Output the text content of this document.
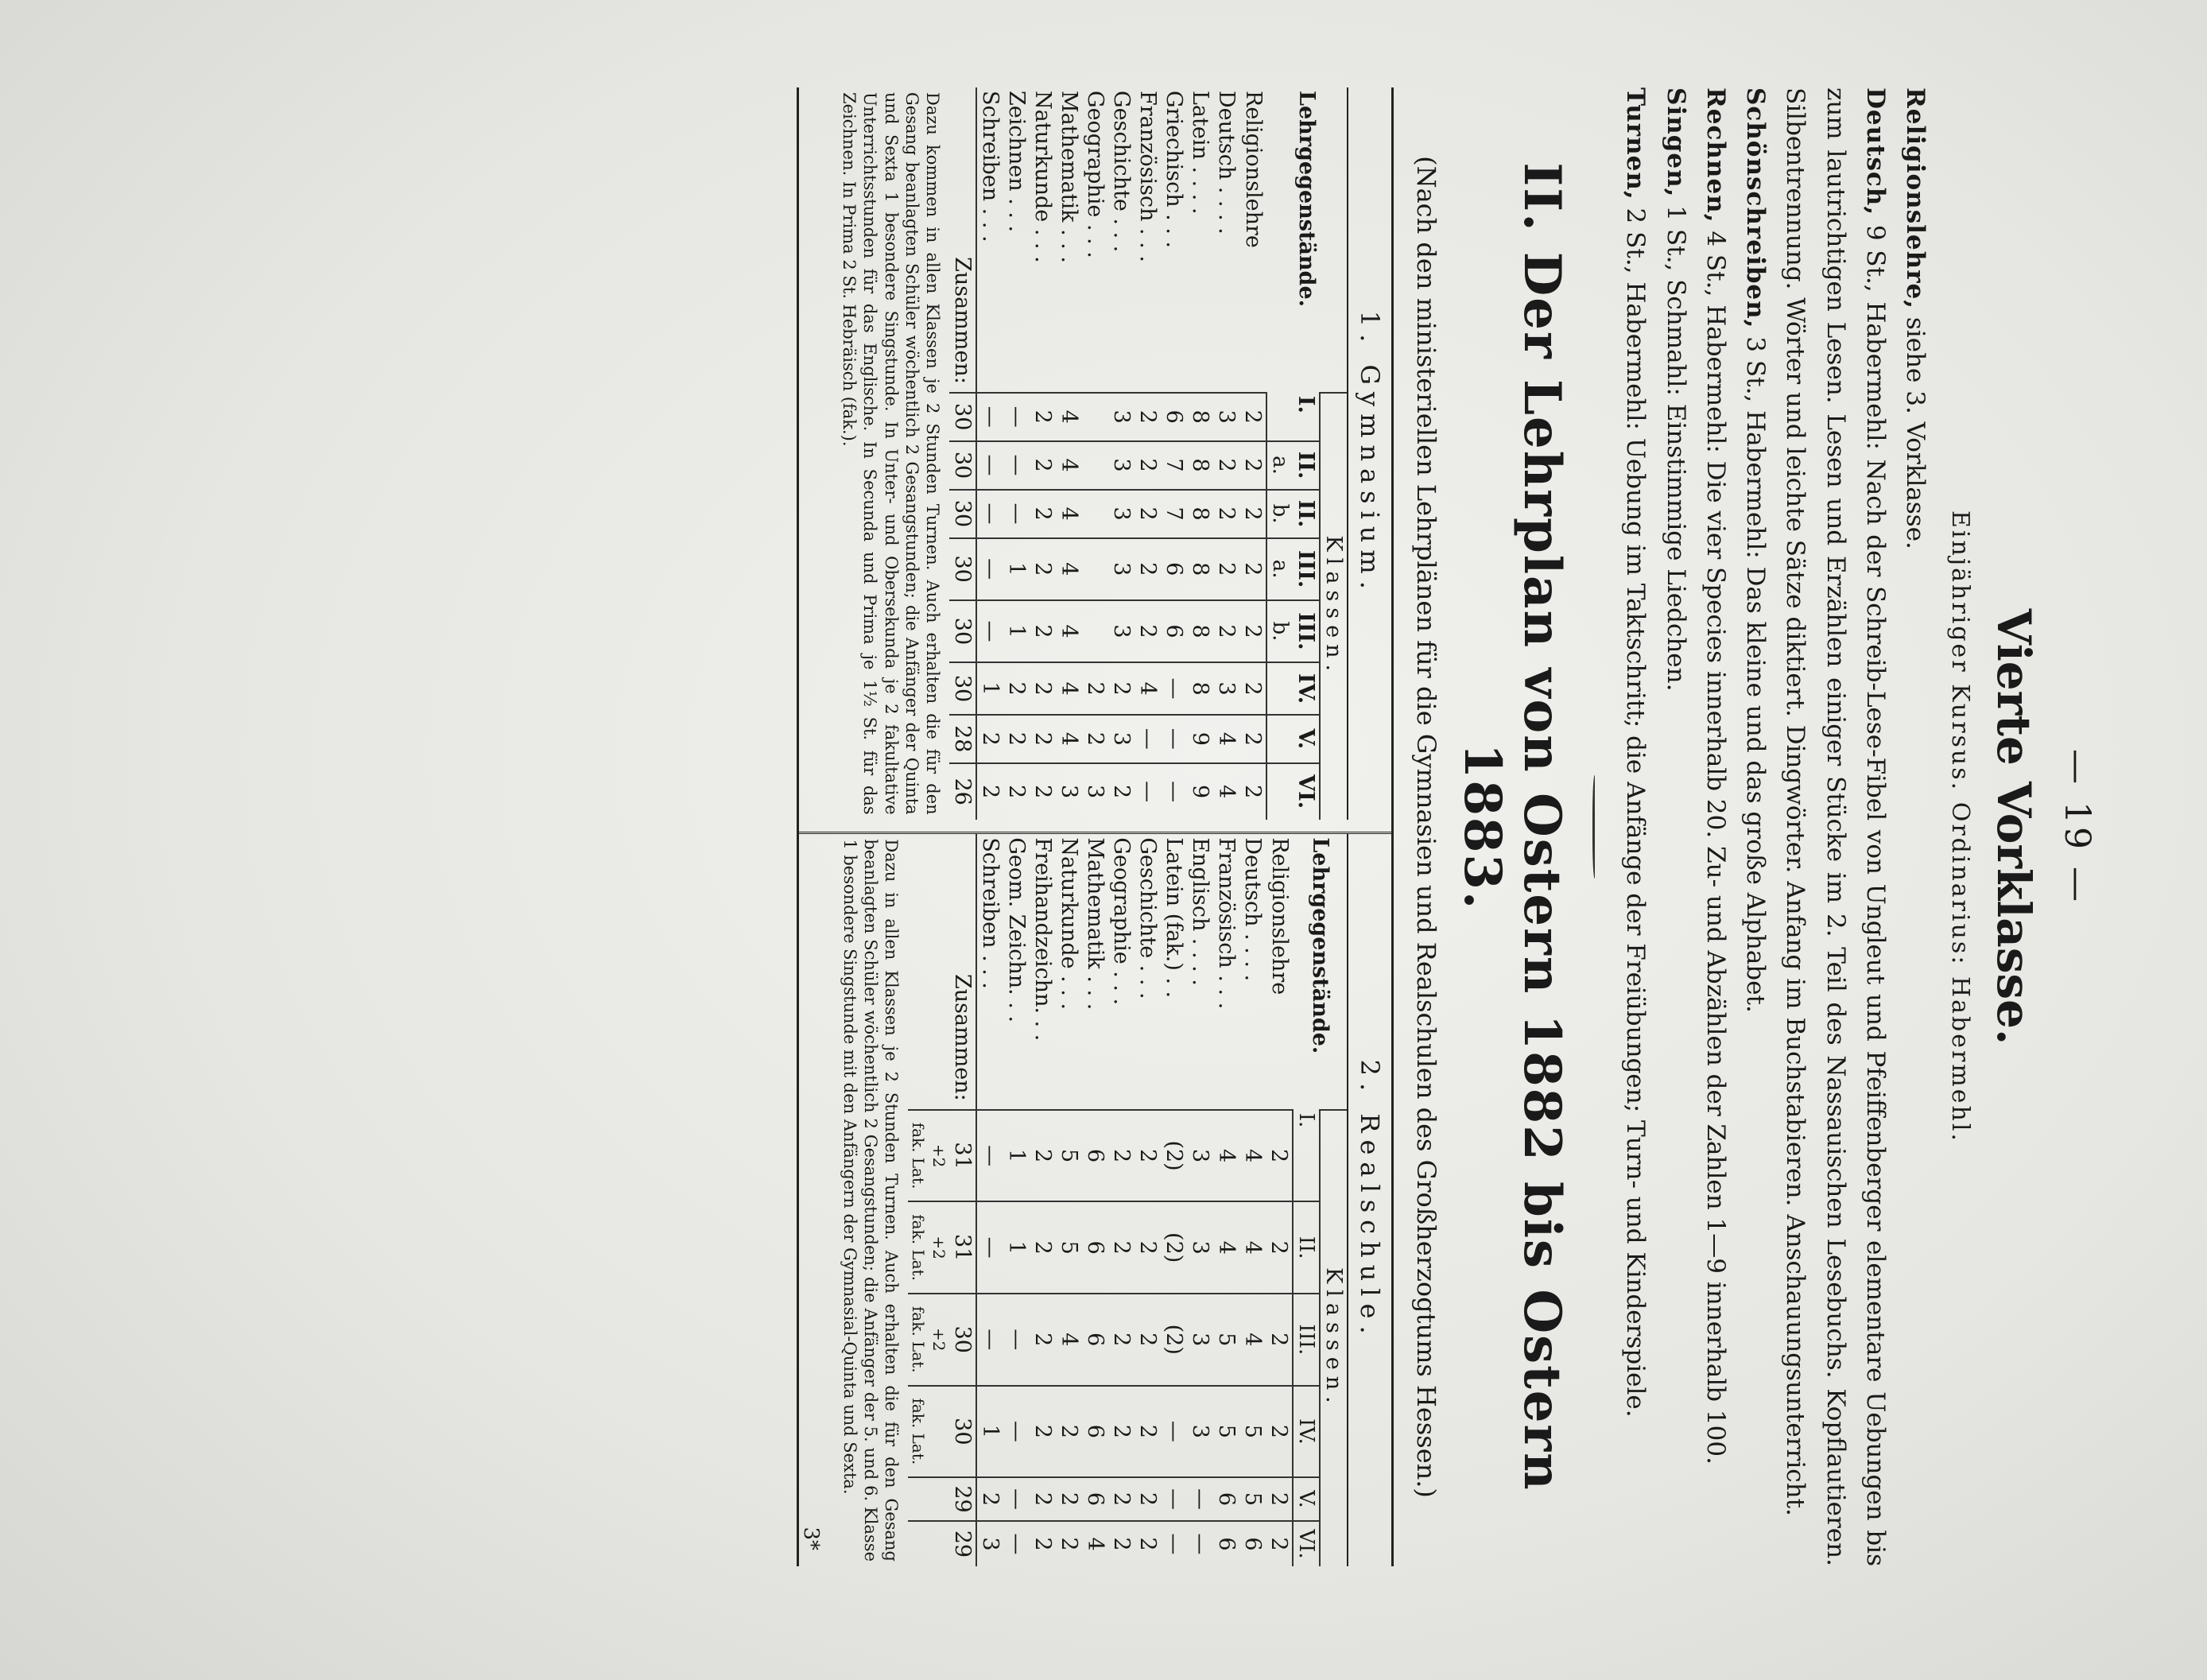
— 19 —
Vierte Vorklasse.
Einjähriger Kursus. Ordinarius: Habermehl.

Religionslehre, siehe 3. Vorklasse.

Deutsch, 9 St., Habermehl: Nach der Schreib-Lese-Fibel von Ungleut und Pfeiffenberger elementare Uebungen bis zum lautrichtigen Lesen. Lesen und Erzählen einiger Stücke im 2. Teil des Nassauischen Lesebuchs. Kopflautieren. Silbentrennung. Wörter und leichte Sätze diktiert. Dingwörter. Anfang im Buchstabieren. Anschauungsunterricht.

Schönschreiben, 3 St., Habermehl: Das kleine und das große Alphabet.

Rechnen, 4 St., Habermehl: Die vier Species innerhalb 20. Zu- und Abzählen der Zahlen 1—9 innerhalb 100.

Singen, 1 St., Schmahl: Einstimmige Liedchen.

Turnen, 2 St., Habermehl: Uebung im Taktschritt; die Anfänge der Freiübungen; Turn- und Kinderspiele.

II. Der Lehrplan von Ostern 1882 bis Ostern 1883.
(Nach den ministeriellen Lehrplänen für die Gymnasien und Realschulen des Großherzogtums Hessen.)
1. Gymnasium.
Lehrgegenstände.	Klassen.							
	I.	II.	II.	III.	III.	IV.	V.	VI.
		a.	b.	a.	b.			
Religionslehre	2	2	2	2	2	2	2	2
Deutsch . . . .	3	2	2	2	2	3	4	4
Latein . . . .	8	8	8	8	8	8	9	9
Griechisch . . .	6	7	7	6	6	—	—	—
Französisch . . .	2	2	2	2	2	4	—	—
Geschichte . . .	3	3	3	3	3	2	3	2
Geographie . . .						2	2	3
Mathematik . . .	4	4	4	4	4	4	4	3
Naturkunde . . .	2	2	2	2	2	2	2	2
Zeichnen . . .	—	—	—	1	1	2	2	2
Schreiben . . .	—	—	—	—	—	1	2	2
Zusammen:	30	30	30	30	30	30	28	26
Dazu kommen in allen Klassen je 2 Stunden Turnen. Auch erhalten die für den Gesang beanlagten Schüler wöchentlich 2 Gesangstunden; die Anfänger der Quinta und Sexta 1 besondere Singstunde. In Unter- und Obersekunda je 2 fakultative Unterrichtsstunden für das Englische. In Secunda und Prima je 1½ St. für das Zeichnen. In Prima 2 St. Hebräisch (fak.).
2. Realschule.
Lehrgegenstände.	Klassen.					
	I.	II.	III.	IV.	V.	VI.
Religionslehre	2	2	2	2	2	2
Deutsch . . . .	4	4	4	5	5	6
Französisch . . .	4	4	5	5	6	6
Englisch . . . .	3	3	3	3	—	—
Latein (fak.) . .	(2)	(2)	(2)	—	—	—
Geschichte . . .	2	2	2	2	2	2
Geographie . . .	2	2	2	2	2	2
Mathematik . . .	6	6	6	6	6	4
Naturkunde . . .	5	5	4	2	2	2
Freihandzeichn. . .	2	2	2	2	2	2
Geom. Zeichn. . .	1	1	—	—	—	—
Schreiben . . .	—	—	—	1	2	3
Zusammen:	31	31	30	30	29	29
	+2	+2	+2			
	fak. Lat.	fak. Lat.	fak. Lat.	fak. Lat.		
Dazu in allen Klassen je 2 Stunden Turnen. Auch erhalten die für den Gesang beanlagten Schüler wöchentlich 2 Gesangstunden; die Anfänger der 5. und 6. Klasse 1 besondere Singstunde mit den Anfängern der Gymnasial-Quinta und Sexta.
3*
